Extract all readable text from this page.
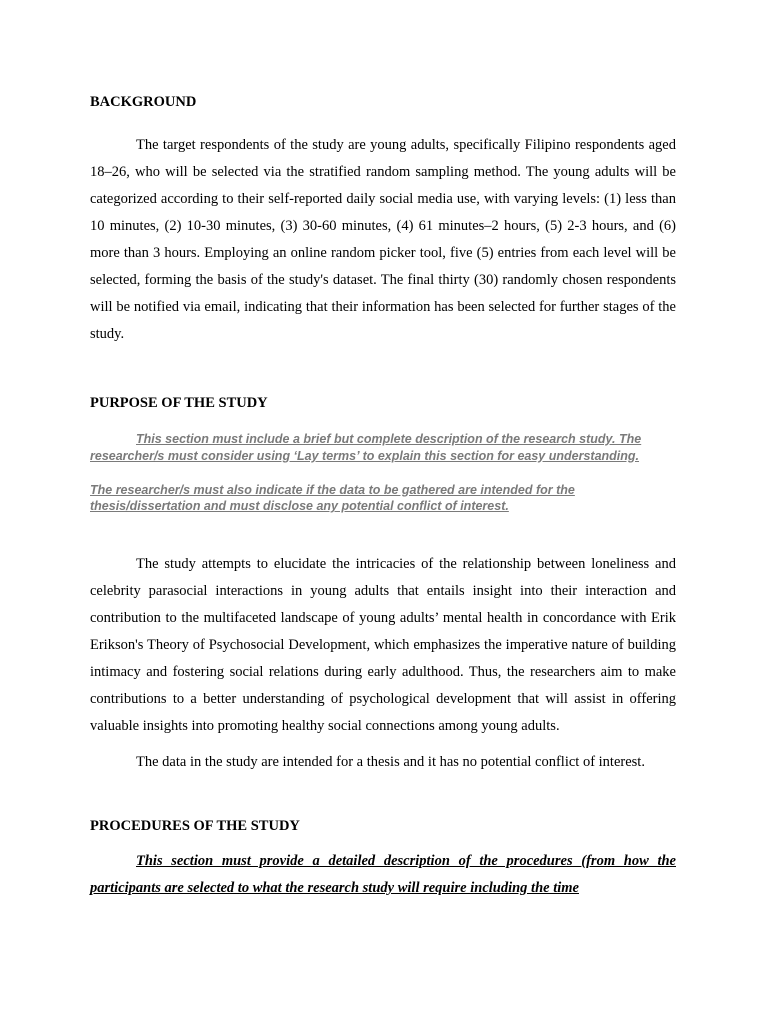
BACKGROUND

The target respondents of the study are young adults, specifically Filipino respondents aged 18–26, who will be selected via the stratified random sampling method. The young adults will be categorized according to their self-reported daily social media use, with varying levels: (1) less than 10 minutes, (2) 10-30 minutes, (3) 30-60 minutes, (4) 61 minutes–2 hours, (5) 2-3 hours, and (6) more than 3 hours. Employing an online random picker tool, five (5) entries from each level will be selected, forming the basis of the study's dataset. The final thirty (30) randomly chosen respondents will be notified via email, indicating that their information has been selected for further stages of the study.

PURPOSE OF THE STUDY

This section must include a brief but complete description of the research study. The researcher/s must consider using ‘Lay terms’ to explain this section for easy understanding.

The researcher/s must also indicate if the data to be gathered are intended for the thesis/dissertation and must disclose any potential conflict of interest.

The study attempts to elucidate the intricacies of the relationship between loneliness and celebrity parasocial interactions in young adults that entails insight into their interaction and contribution to the multifaceted landscape of young adults’ mental health in concordance with Erik Erikson's Theory of Psychosocial Development, which emphasizes the imperative nature of building intimacy and fostering social relations during early adulthood. Thus, the researchers aim to make contributions to a better understanding of psychological development that will assist in offering valuable insights into promoting healthy social connections among young adults.

The data in the study are intended for a thesis and it has no potential conflict of interest.

PROCEDURES OF THE STUDY

This section must provide a detailed description of the procedures (from how the participants are selected to what the research study will require including the time
